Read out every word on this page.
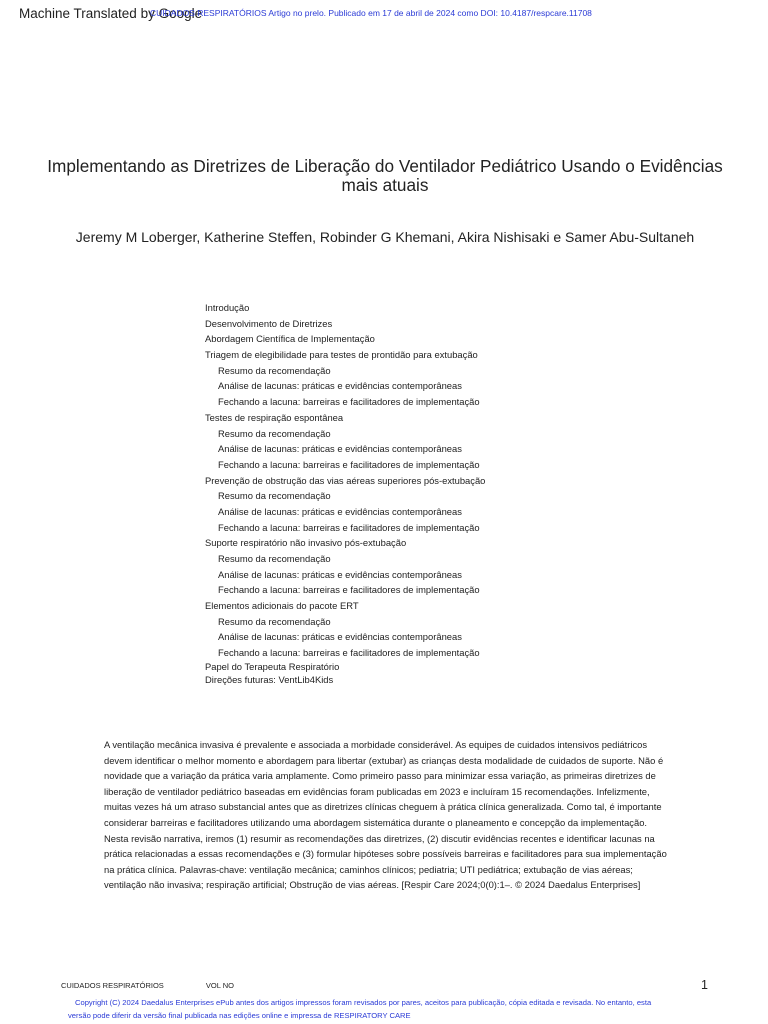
Machine Translated by Google
CUIDADOS RESPIRATÓRIOS Artigo no prelo. Publicado em 17 de abril de 2024 como DOI: 10.4187/respcare.11708
Implementando as Diretrizes de Liberação do Ventilador Pediátrico Usando o Evidências mais atuais
Jeremy M Loberger, Katherine Steffen, Robinder G Khemani, Akira Nishisaki e Samer Abu-Sultaneh
Introdução
Desenvolvimento de Diretrizes
Abordagem Científica de Implementação
Triagem de elegibilidade para testes de prontidão para extubação
Resumo da recomendação
Análise de lacunas: práticas e evidências contemporâneas
Fechando a lacuna: barreiras e facilitadores de implementação
Testes de respiração espontânea
Resumo da recomendação
Análise de lacunas: práticas e evidências contemporâneas
Fechando a lacuna: barreiras e facilitadores de implementação
Prevenção de obstrução das vias aéreas superiores pós-extubação
Resumo da recomendação
Análise de lacunas: práticas e evidências contemporâneas
Fechando a lacuna: barreiras e facilitadores de implementação
Suporte respiratório não invasivo pós-extubação
Resumo da recomendação
Análise de lacunas: práticas e evidências contemporâneas
Fechando a lacuna: barreiras e facilitadores de implementação
Elementos adicionais do pacote ERT
Resumo da recomendação
Análise de lacunas: práticas e evidências contemporâneas
Fechando a lacuna: barreiras e facilitadores de implementação
Papel do Terapeuta Respiratório
Direções futuras: VentLib4Kids

A ventilação mecânica invasiva é prevalente e associada a morbidade considerável. As equipes de cuidados intensivos pediátricos devem identificar o melhor momento e abordagem para libertar (extubar) as crianças desta modalidade de cuidados de suporte. Não é novidade que a variação da prática varia amplamente. Como primeiro passo para minimizar essa variação, as primeiras diretrizes de liberação de ventilador pediátrico baseadas em evidências foram publicadas em 2023 e incluíram 15 recomendações. Infelizmente, muitas vezes há um atraso substancial antes que as diretrizes clínicas cheguem à prática clínica generalizada. Como tal, é importante considerar barreiras e facilitadores utilizando uma abordagem sistemática durante o planeamento e concepção da implementação. Nesta revisão narrativa, iremos (1) resumir as recomendações das diretrizes, (2) discutir evidências recentes e identificar lacunas na prática relacionadas a essas recomendações e (3) formular hipóteses sobre possíveis barreiras e facilitadores para sua implementação na prática clínica. Palavras-chave: ventilação mecânica; caminhos clínicos; pediatria; UTI pediátrica; extubação de vias aéreas; ventilação não invasiva; respiração artificial; Obstrução de vias aéreas. [Respir Care 2024;0(0):1–. © 2024 Daedalus Enterprises]

CUIDADOS RESPIRATÓRIOS	VOL NO	1
Copyright (C) 2024 Daedalus Enterprises ePub antes dos artigos impressos foram revisados por pares, aceitos para publicação, cópia editada e revisada. No entanto, esta
versão pode diferir da versão final publicada nas edições online e impressa de RESPIRATORY CARE
